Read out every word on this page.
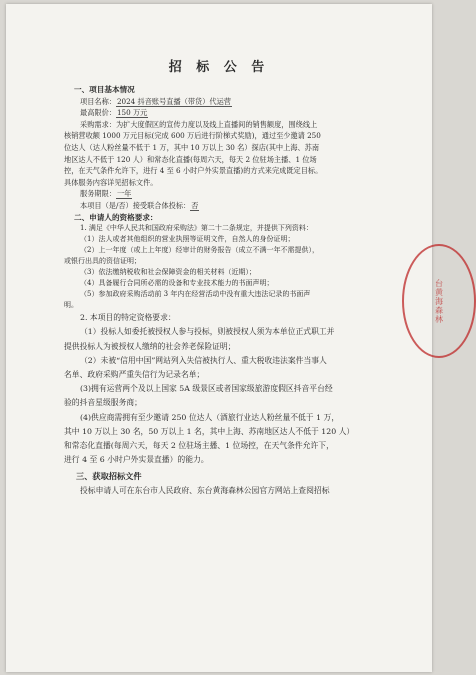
招 标 公 告

一、项目基本情况

项目名称：2024 抖音账号直播（带货）代运营

最高限价：150 万元

采购需求：为扩大度假区的宣传力度以及线上直播间的销售额度，围绕线上

核销营收额 1000 万元目标(完成 600 万后进行阶梯式奖励)，通过至少邀请 250

位达人（达人粉丝量不低于 1 万，其中 10 万以上 30 名）探店(其中上海、苏南

地区达人不低于 120 人）和常态化直播(每周六天，每天 2 位驻场主播、1 位场

控，在天气条件允许下，进行 4 至 6 小时户外实景直播)的方式来完成既定目标。

具体服务内容详见招标文件。

服务期限：一年

本项目（是/否）接受联合体投标：否

二、申请人的资格要求：

1. 满足《中华人民共和国政府采购法》第二十二条规定，并提供下列资料：

（1）法人或者其他组织的营业执照等证明文件，自然人的身份证明；

（2）上一年度（或上上年度）经审计的财务报告（成立不满一年不需提供），

或银行出具的资信证明；

（3）依法缴纳税收和社会保障资金的相关材料（近期）；

（4）具备履行合同所必需的设备和专业技术能力的书面声明；

（5）参加政府采购活动前 3 年内在经营活动中没有重大违法记录的书面声

明。

2. 本项目的特定资格要求：

（1）投标人如委托被授权人参与投标，则被授权人须为本单位正式职工并

提供投标人为被授权人缴纳的社会养老保险证明；

（2）未被“信用中国”网站列入失信被执行人、重大税收违法案件当事人

名单、政府采购严重失信行为记录名单；

(3)拥有运营两个及以上国家 5A 级景区或者国家级旅游度假区抖音平台经

验的抖音星级服务商；

(4)供应商需拥有至少邀请 250 位达人（酒旅行业达人粉丝量不低于 1 万，

其中 10 万以上 30 名，50 万以上 1 名，其中上海、苏南地区达人不低于 120 人）

和常态化直播(每周六天，每天 2 位驻场主播、1 位场控，在天气条件允许下，

进行 4 至 6 小时户外实景直播）的能力。

三、获取招标文件

投标申请人可在东台市人民政府、东台黄海森林公园官方网站上查阅招标

台黄海森林
